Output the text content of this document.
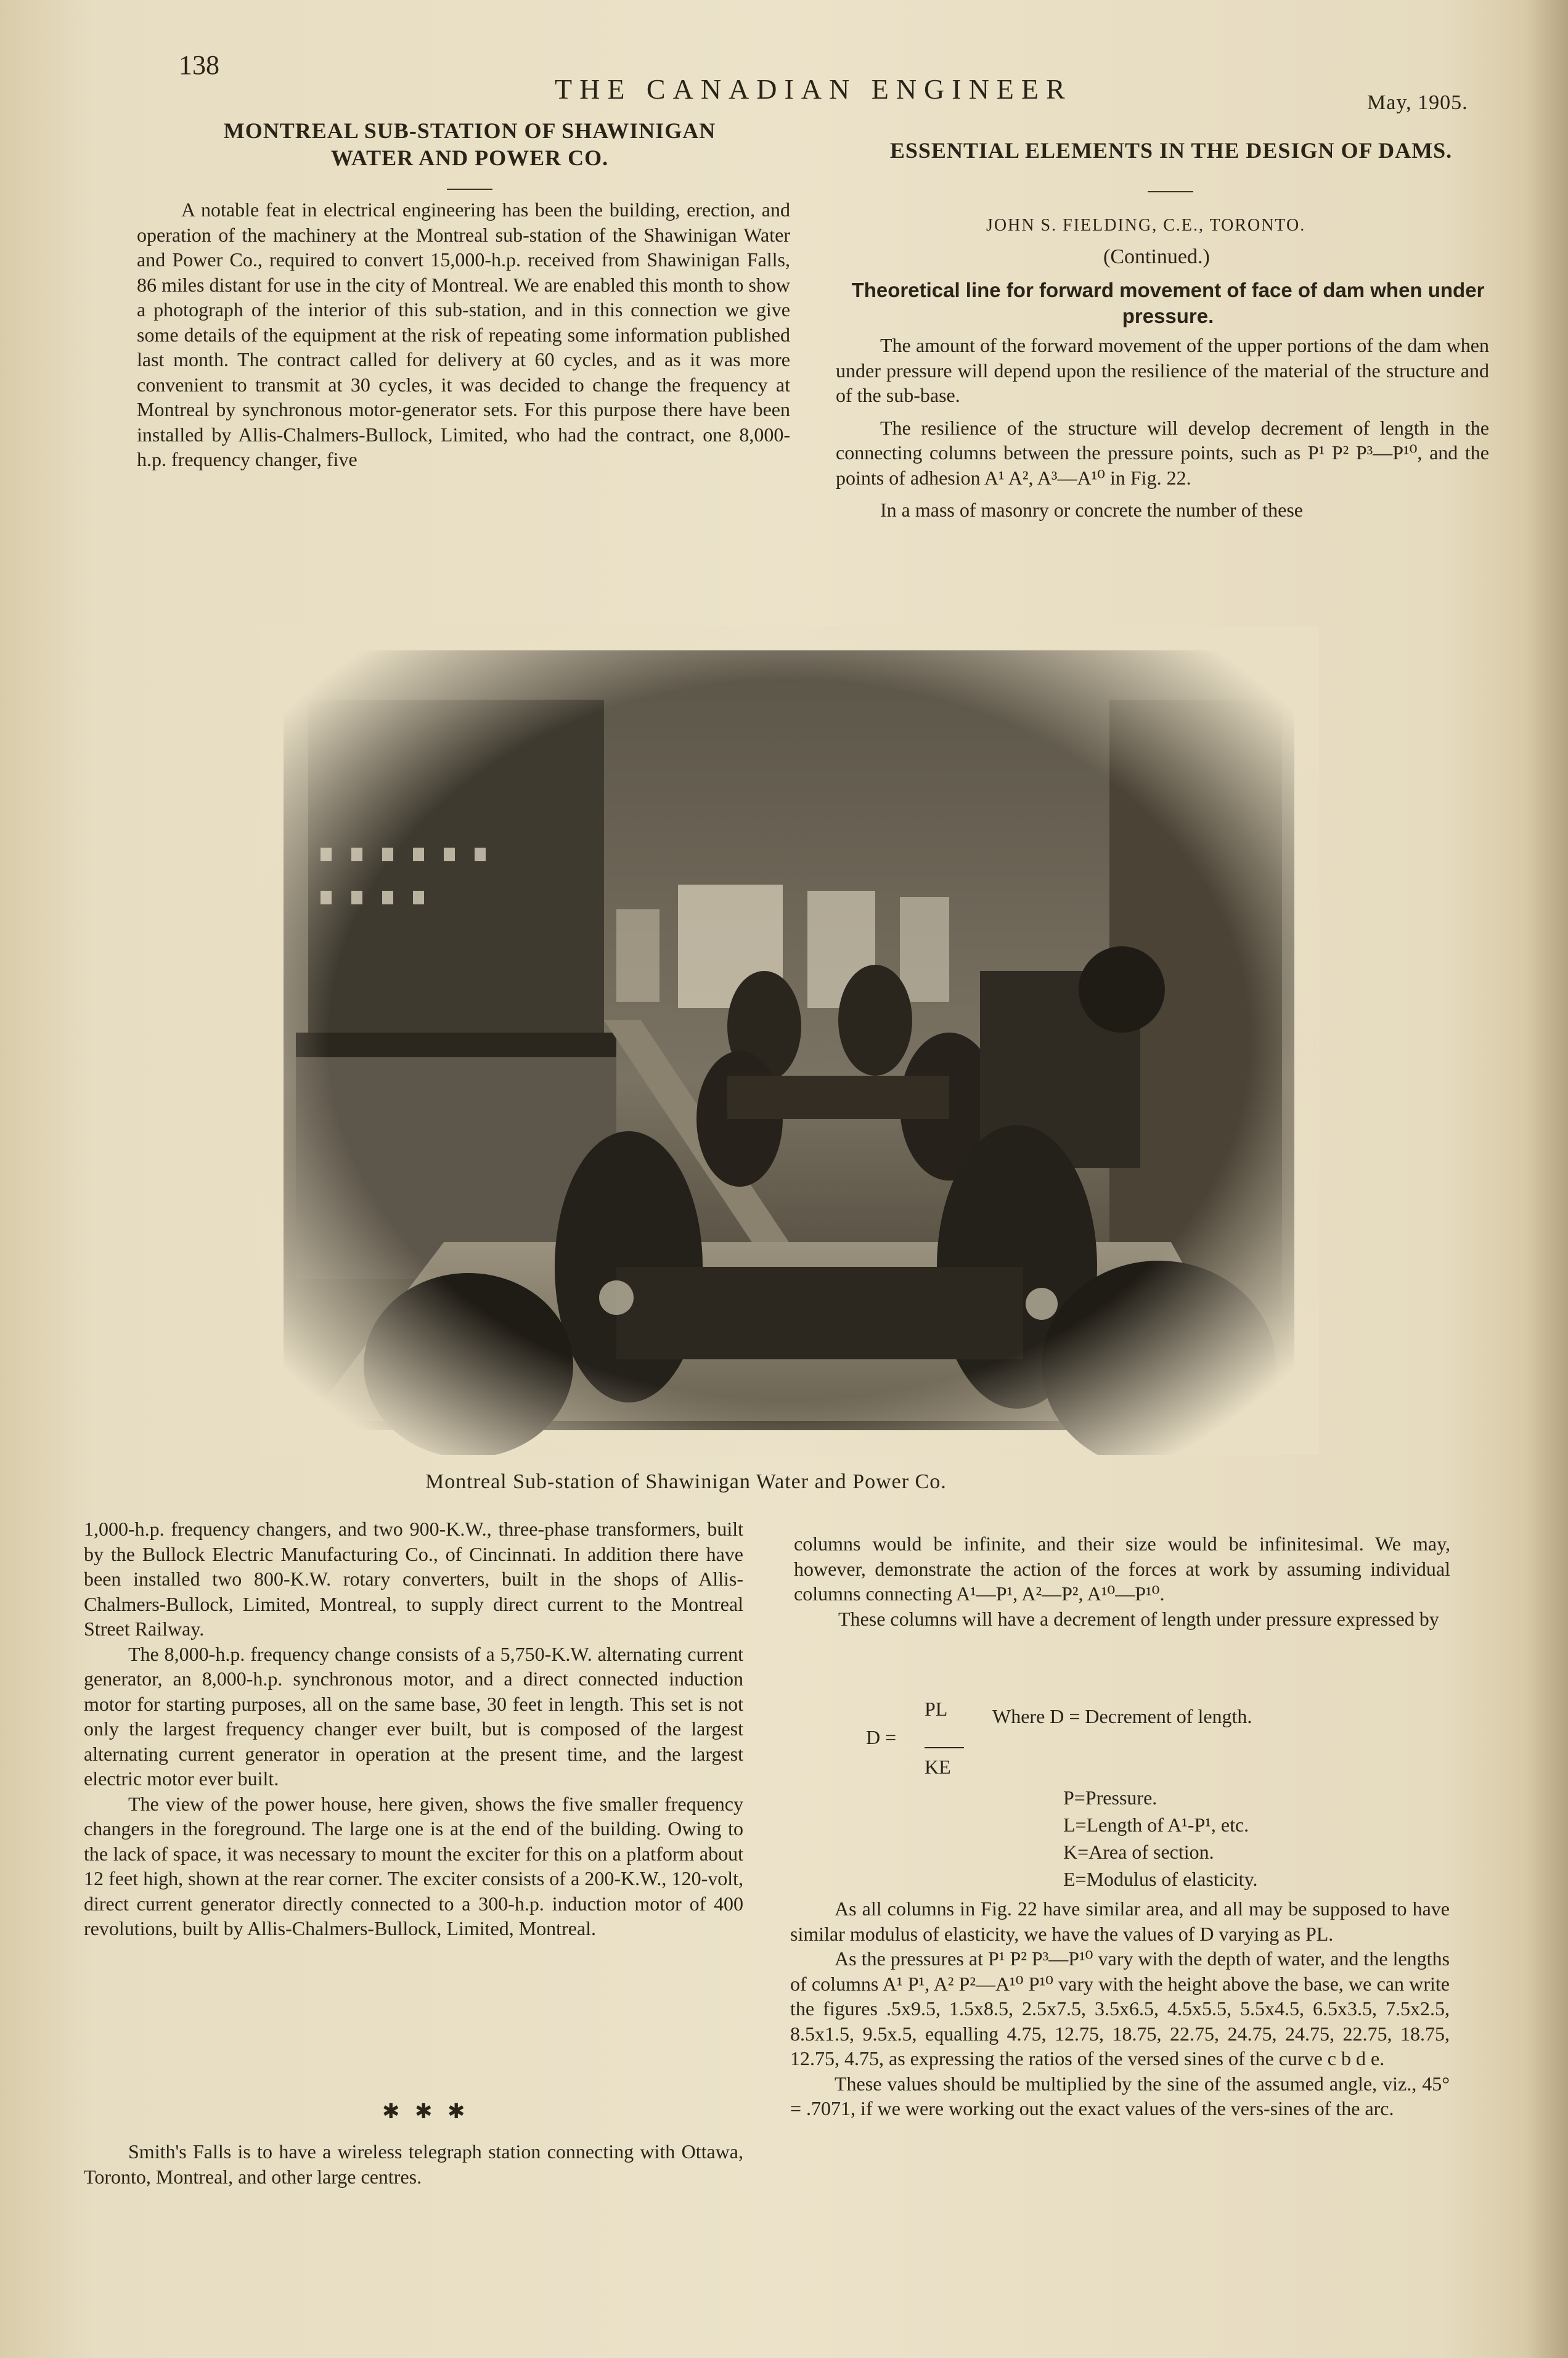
138
THE CANADIAN ENGINEER	May, 1905.
MONTREAL SUB-STATION OF SHAWINIGAN
WATER AND POWER CO.

A notable feat in electrical engineering has been the building, erection, and operation of the machinery at the Montreal sub-station of the Shawinigan Water and Power Co., required to convert 15,000-h.p. received from Shawinigan Falls, 86 miles distant for use in the city of Montreal. We are enabled this month to show a photograph of the interior of this sub-station, and in this connection we give some details of the equipment at the risk of repeating some information published last month. The contract called for delivery at 60 cycles, and as it was more convenient to transmit at 30 cycles, it was decided to change the frequency at Montreal by synchronous motor-generator sets. For this purpose there have been installed by Allis-Chalmers-Bullock, Limited, who had the contract, one 8,000-h.p. frequency changer, five

ESSENTIAL ELEMENTS IN THE DESIGN OF DAMS.
JOHN S. FIELDING, C.E., TORONTO.
(Continued.)
Theoretical line for forward movement of face of dam when under pressure.

The amount of the forward movement of the upper portions of the dam when under pressure will depend upon the resilience of the material of the structure and of the sub-base.

The resilience of the structure will develop decrement of length in the connecting columns between the pressure points, such as P¹ P² P³—P¹⁰, and the points of adhesion A¹ A², A³—A¹⁰ in Fig. 22.

In a mass of masonry or concrete the number of these

Montreal Sub-station of Shawinigan Water and Power Co.

1,000-h.p. frequency changers, and two 900-K.W., three-phase transformers, built by the Bullock Electric Manufacturing Co., of Cincinnati. In addition there have been installed two 800-K.W. rotary converters, built in the shops of Allis-Chalmers-Bullock, Limited, Montreal, to supply direct current to the Montreal Street Railway.

The 8,000-h.p. frequency change consists of a 5,750-K.W. alternating current generator, an 8,000-h.p. synchronous motor, and a direct connected induction motor for starting purposes, all on the same base, 30 feet in length. This set is not only the largest frequency changer ever built, but is composed of the largest alternating current generator in operation at the present time, and the largest electric motor ever built.

The view of the power house, here given, shows the five smaller frequency changers in the foreground. The large one is at the end of the building. Owing to the lack of space, it was necessary to mount the exciter for this on a platform about 12 feet high, shown at the rear corner. The exciter consists of a 200-K.W., 120-volt, direct current generator directly connected to a 300-h.p. induction motor of 400 revolutions, built by Allis-Chalmers-Bullock, Limited, Montreal.

✱ ✱ ✱

Smith's Falls is to have a wireless telegraph station connecting with Ottawa, Toronto, Montreal, and other large centres.

columns would be infinite, and their size would be infinitesimal. We may, however, demonstrate the action of the forces at work by assuming individual columns connecting A¹—P¹, A²—P², A¹⁰—P¹⁰.

These columns will have a decrement of length under pressure expressed by

PL Where D = Decrement of length.
D =
KE
P=Pressure.
L=Length of A¹-P¹, etc.
K=Area of section.
E=Modulus of elasticity.

As all columns in Fig. 22 have similar area, and all may be supposed to have similar modulus of elasticity, we have the values of D varying as PL.

As the pressures at P¹ P² P³—P¹⁰ vary with the depth of water, and the lengths of columns A¹ P¹, A² P²—A¹⁰ P¹⁰ vary with the height above the base, we can write the figures .5x9.5, 1.5x8.5, 2.5x7.5, 3.5x6.5, 4.5x5.5, 5.5x4.5, 6.5x3.5, 7.5x2.5, 8.5x1.5, 9.5x.5, equalling 4.75, 12.75, 18.75, 22.75, 24.75, 24.75, 22.75, 18.75, 12.75, 4.75, as expressing the ratios of the versed sines of the curve c b d e.

These values should be multiplied by the sine of the assumed angle, viz., 45° = .7071, if we were working out the exact values of the vers-sines of the arc.
